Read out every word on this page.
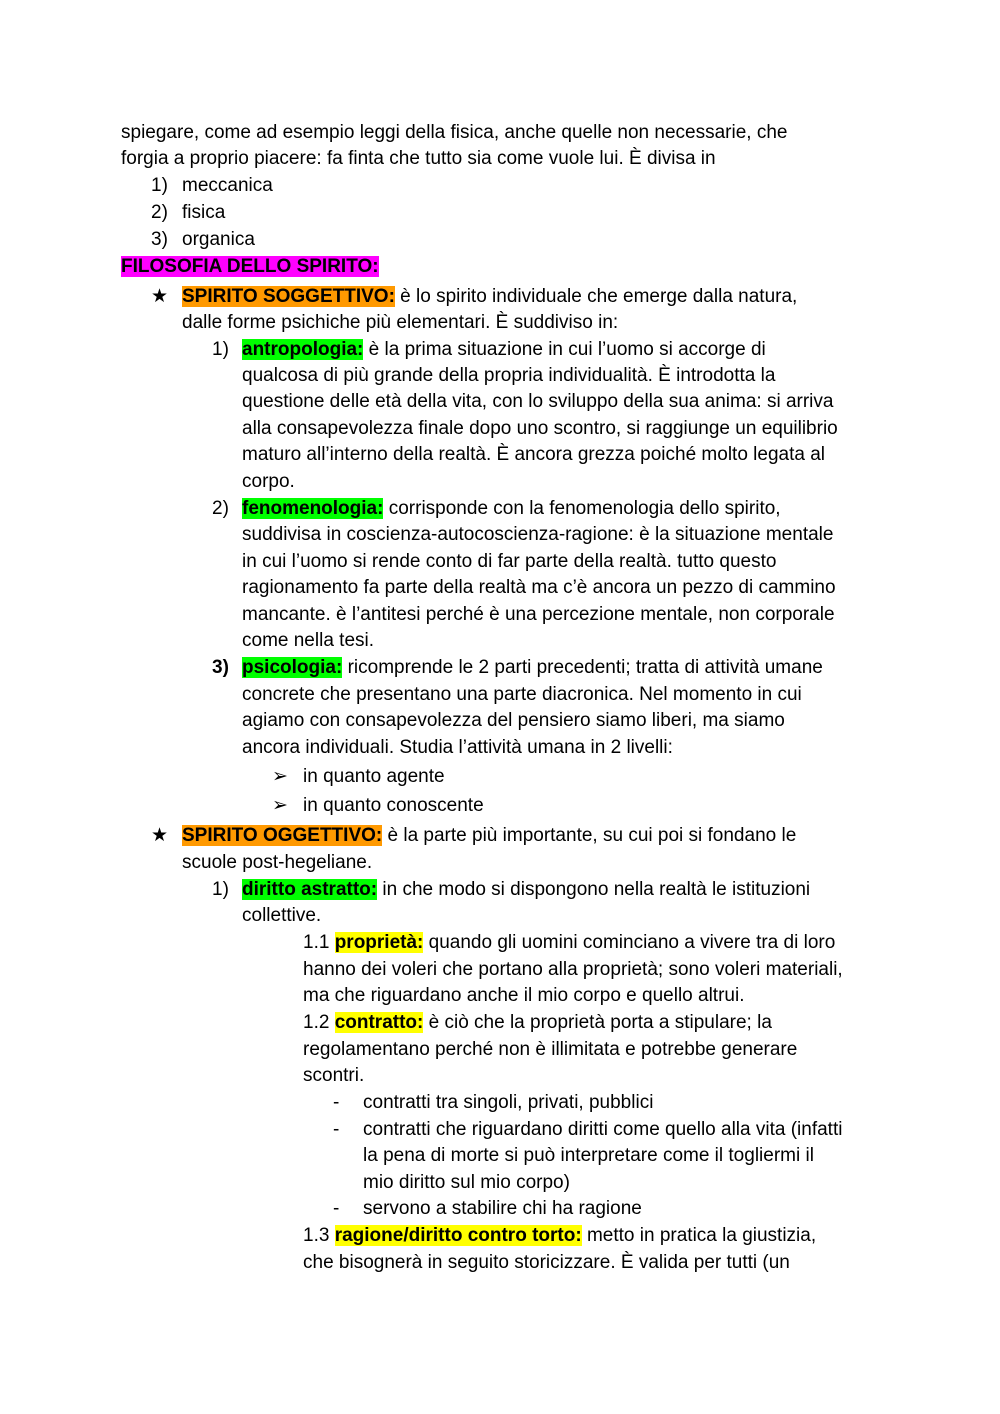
spiegare, come ad esempio leggi della fisica, anche quelle non necessarie, che
forgia a proprio piacere: fa finta che tutto sia come vuole lui. È divisa in
1) meccanica
2) fisica
3) organica
FILOSOFIA DELLO SPIRITO:
★ SPIRITO SOGGETTIVO: è lo spirito individuale che emerge dalla natura,
dalle forme psichiche più elementari. È suddiviso in:
1) antropologia: è la prima situazione in cui l’uomo si accorge di
qualcosa di più grande della propria individualità. È introdotta la
questione delle età della vita, con lo sviluppo della sua anima: si arriva
alla consapevolezza finale dopo uno scontro, si raggiunge un equilibrio
maturo all’interno della realtà. È ancora grezza poiché molto legata al
corpo.
2) fenomenologia: corrisponde con la fenomenologia dello spirito,
suddivisa in coscienza-autocoscienza-ragione: è la situazione mentale
in cui l’uomo si rende conto di far parte della realtà. tutto questo
ragionamento fa parte della realtà ma c’è ancora un pezzo di cammino
mancante. è l’antitesi perché è una percezione mentale, non corporale
come nella tesi.
3) psicologia: ricomprende le 2 parti precedenti; tratta di attività umane
concrete che presentano una parte diacronica. Nel momento in cui
agiamo con consapevolezza del pensiero siamo liberi, ma siamo
ancora individuali. Studia l’attività umana in 2 livelli:
➢ in quanto agente
➢ in quanto conoscente
★ SPIRITO OGGETTIVO: è la parte più importante, su cui poi si fondano le
scuole post-hegeliane.
1) diritto astratto: in che modo si dispongono nella realtà le istituzioni
collettive.
1.1 proprietà: quando gli uomini cominciano a vivere tra di loro
hanno dei voleri che portano alla proprietà; sono voleri materiali,
ma che riguardano anche il mio corpo e quello altrui.
1.2 contratto: è ciò che la proprietà porta a stipulare; la
regolamentano perché non è illimitata e potrebbe generare
scontri.
- contratti tra singoli, privati, pubblici
- contratti che riguardano diritti come quello alla vita (infatti
la pena di morte si può interpretare come il togliermi il
mio diritto sul mio corpo)
- servono a stabilire chi ha ragione
1.3 ragione/diritto contro torto: metto in pratica la giustizia,
che bisognerà in seguito storicizzare. È valida per tutti (un
